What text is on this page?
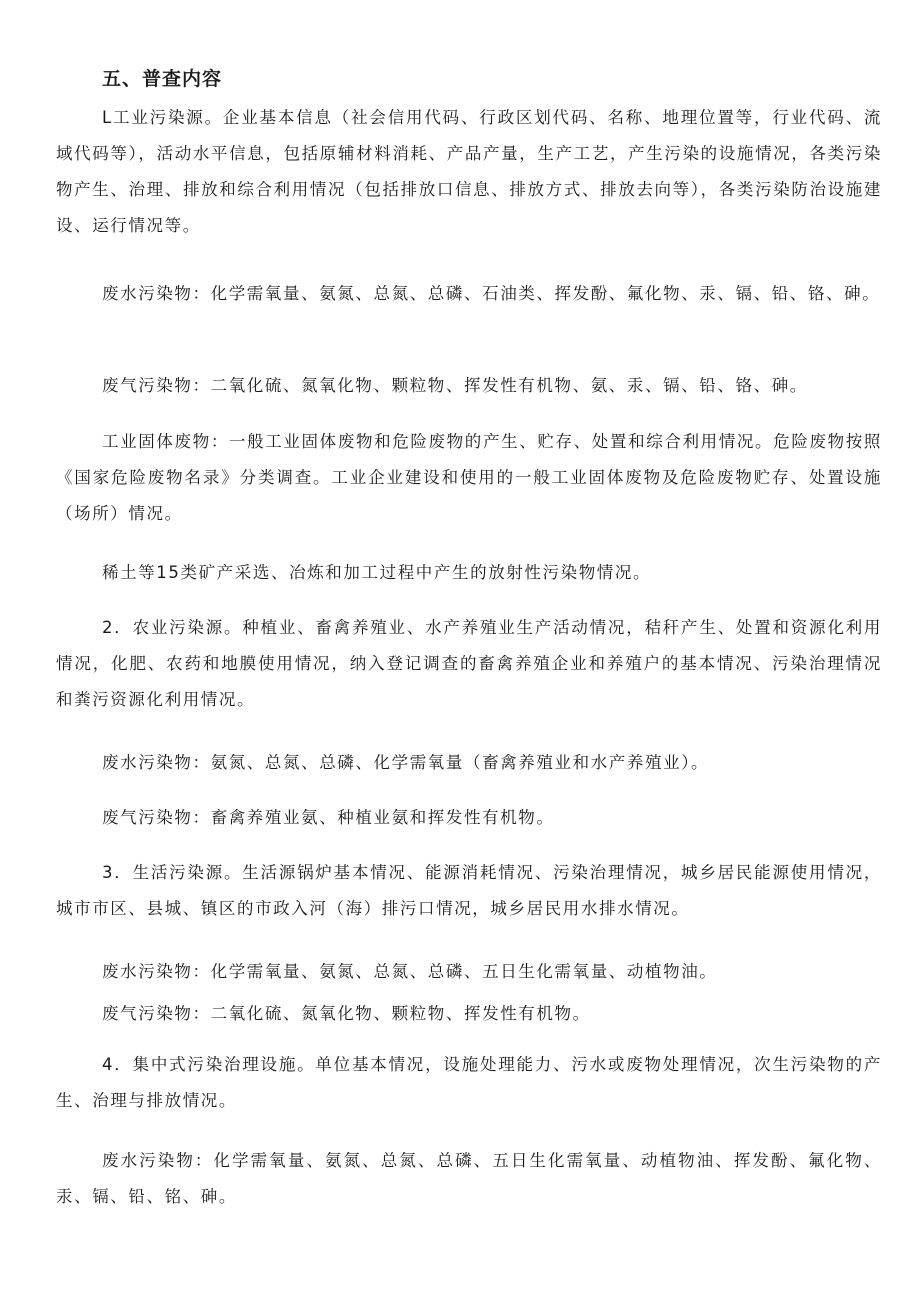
五、普查内容

L工业污染源。企业基本信息（社会信用代码、行政区划代码、名称、地理位置等，行业代码、流域代码等），活动水平信息，包括原辅材料消耗、产品产量，生产工艺，产生污染的设施情况，各类污染物产生、治理、排放和综合利用情况（包括排放口信息、排放方式、排放去向等），各类污染防治设施建设、运行情况等。

废水污染物：化学需氧量、氨氮、总氮、总磷、石油类、挥发酚、氟化物、汞、镉、铅、铬、砷。

废气污染物：二氧化硫、氮氧化物、颗粒物、挥发性有机物、氨、汞、镉、铅、铬、砷。

工业固体废物：一般工业固体废物和危险废物的产生、贮存、处置和综合利用情况。危险废物按照《国家危险废物名录》分类调查。工业企业建设和使用的一般工业固体废物及危险废物贮存、处置设施（场所）情况。

稀土等15类矿产采选、冶炼和加工过程中产生的放射性污染物情况。

2．农业污染源。种植业、畜禽养殖业、水产养殖业生产活动情况，秸秆产生、处置和资源化利用情况，化肥、农药和地膜使用情况，纳入登记调查的畜禽养殖企业和养殖户的基本情况、污染治理情况和粪污资源化利用情况。

废水污染物：氨氮、总氮、总磷、化学需氧量（畜禽养殖业和水产养殖业）。

废气污染物：畜禽养殖业氨、种植业氨和挥发性有机物。

3．生活污染源。生活源锅炉基本情况、能源消耗情况、污染治理情况，城乡居民能源使用情况，城市市区、县城、镇区的市政入河（海）排污口情况，城乡居民用水排水情况。

废水污染物：化学需氧量、氨氮、总氮、总磷、五日生化需氧量、动植物油。

废气污染物：二氧化硫、氮氧化物、颗粒物、挥发性有机物。

4．集中式污染治理设施。单位基本情况，设施处理能力、污水或废物处理情况，次生污染物的产生、治理与排放情况。

废水污染物：化学需氧量、氨氮、总氮、总磷、五日生化需氧量、动植物油、挥发酚、氟化物、汞、镉、铅、铭、砷。
